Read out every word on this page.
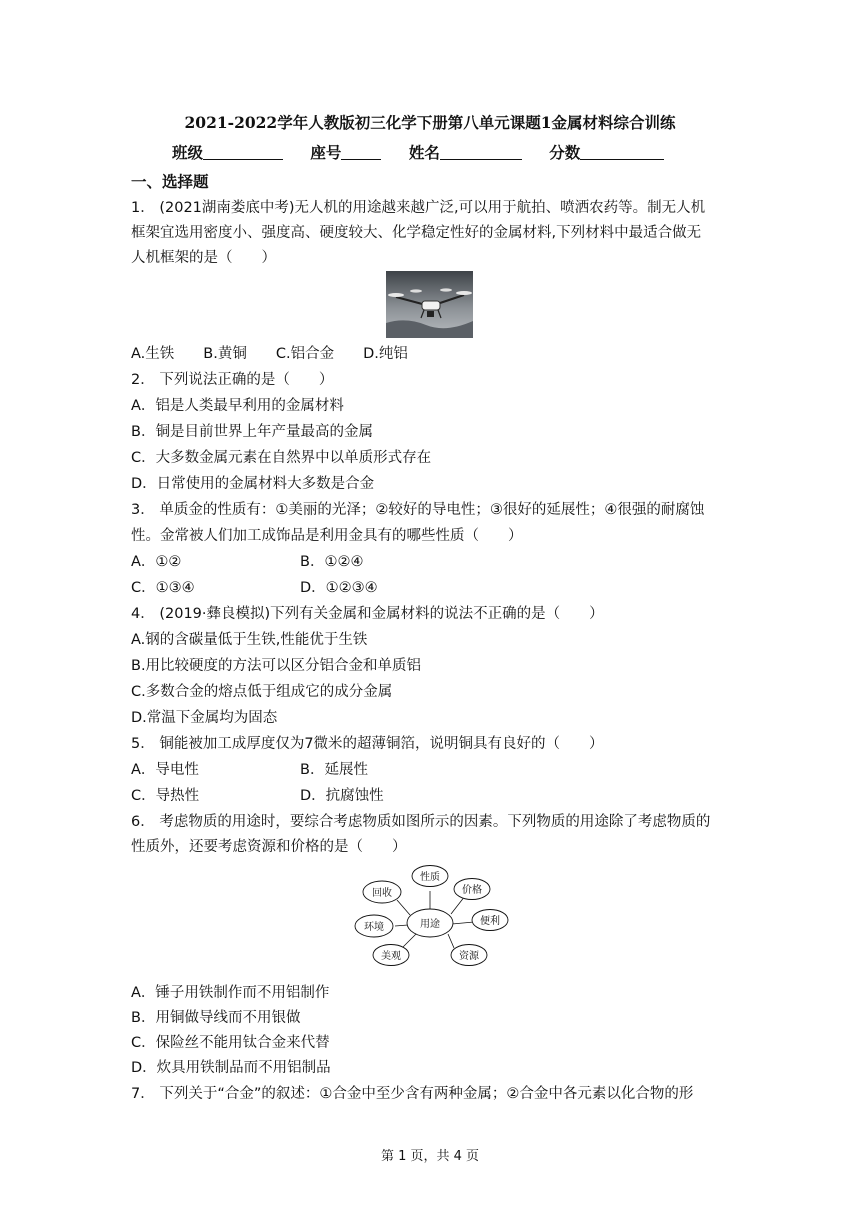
2021-2022学年人教版初三化学下册第八单元课题1金属材料综合训练
班级	座号	姓名	分数
一、选择题
1． (2021湖南娄底中考)无人机的用途越来越广泛,可以用于航拍、喷洒农药等。制无人机
框架宜选用密度小、强度高、硬度较大、化学稳定性好的金属材料,下列材料中最适合做无
人机框架的是（　　）
A.生铁　　B.黄铜　　C.铝合金　　D.纯铝
2． 下列说法正确的是（　　）
A．铝是人类最早利用的金属材料
B．铜是目前世界上年产量最高的金属
C．大多数金属元素在自然界中以单质形式存在
D．日常使用的金属材料大多数是合金
3． 单质金的性质有：①美丽的光泽；②较好的导电性；③很好的延展性；④很强的耐腐蚀
性。金常被人们加工成饰品是利用金具有的哪些性质（　　）
A．①②	B．①②④
C．①③④	D．①②③④
4． (2019·彝良模拟)下列有关金属和金属材料的说法不正确的是（　　）
A.钢的含碳量低于生铁,性能优于生铁
B.用比较硬度的方法可以区分铝合金和单质铝
C.多数合金的熔点低于组成它的成分金属
D.常温下金属均为固态
5． 铜能被加工成厚度仅为7微米的超薄铜箔，说明铜具有良好的（　　）
A．导电性	B．延展性
C．导热性	D．抗腐蚀性
6． 考虑物质的用途时，要综合考虑物质如图所示的因素。下列物质的用途除了考虑物质的
性质外，还要考虑资源和价格的是（　　）
用途
性质
价格
便利
资源
美观
环境
回收
A．锤子用铁制作而不用铝制作
B．用铜做导线而不用银做
C．保险丝不能用钛合金来代替
D．炊具用铁制品而不用铝制品
7． 下列关于“合金”的叙述：①合金中至少含有两种金属；②合金中各元素以化合物的形
第 1 页，共 4 页
